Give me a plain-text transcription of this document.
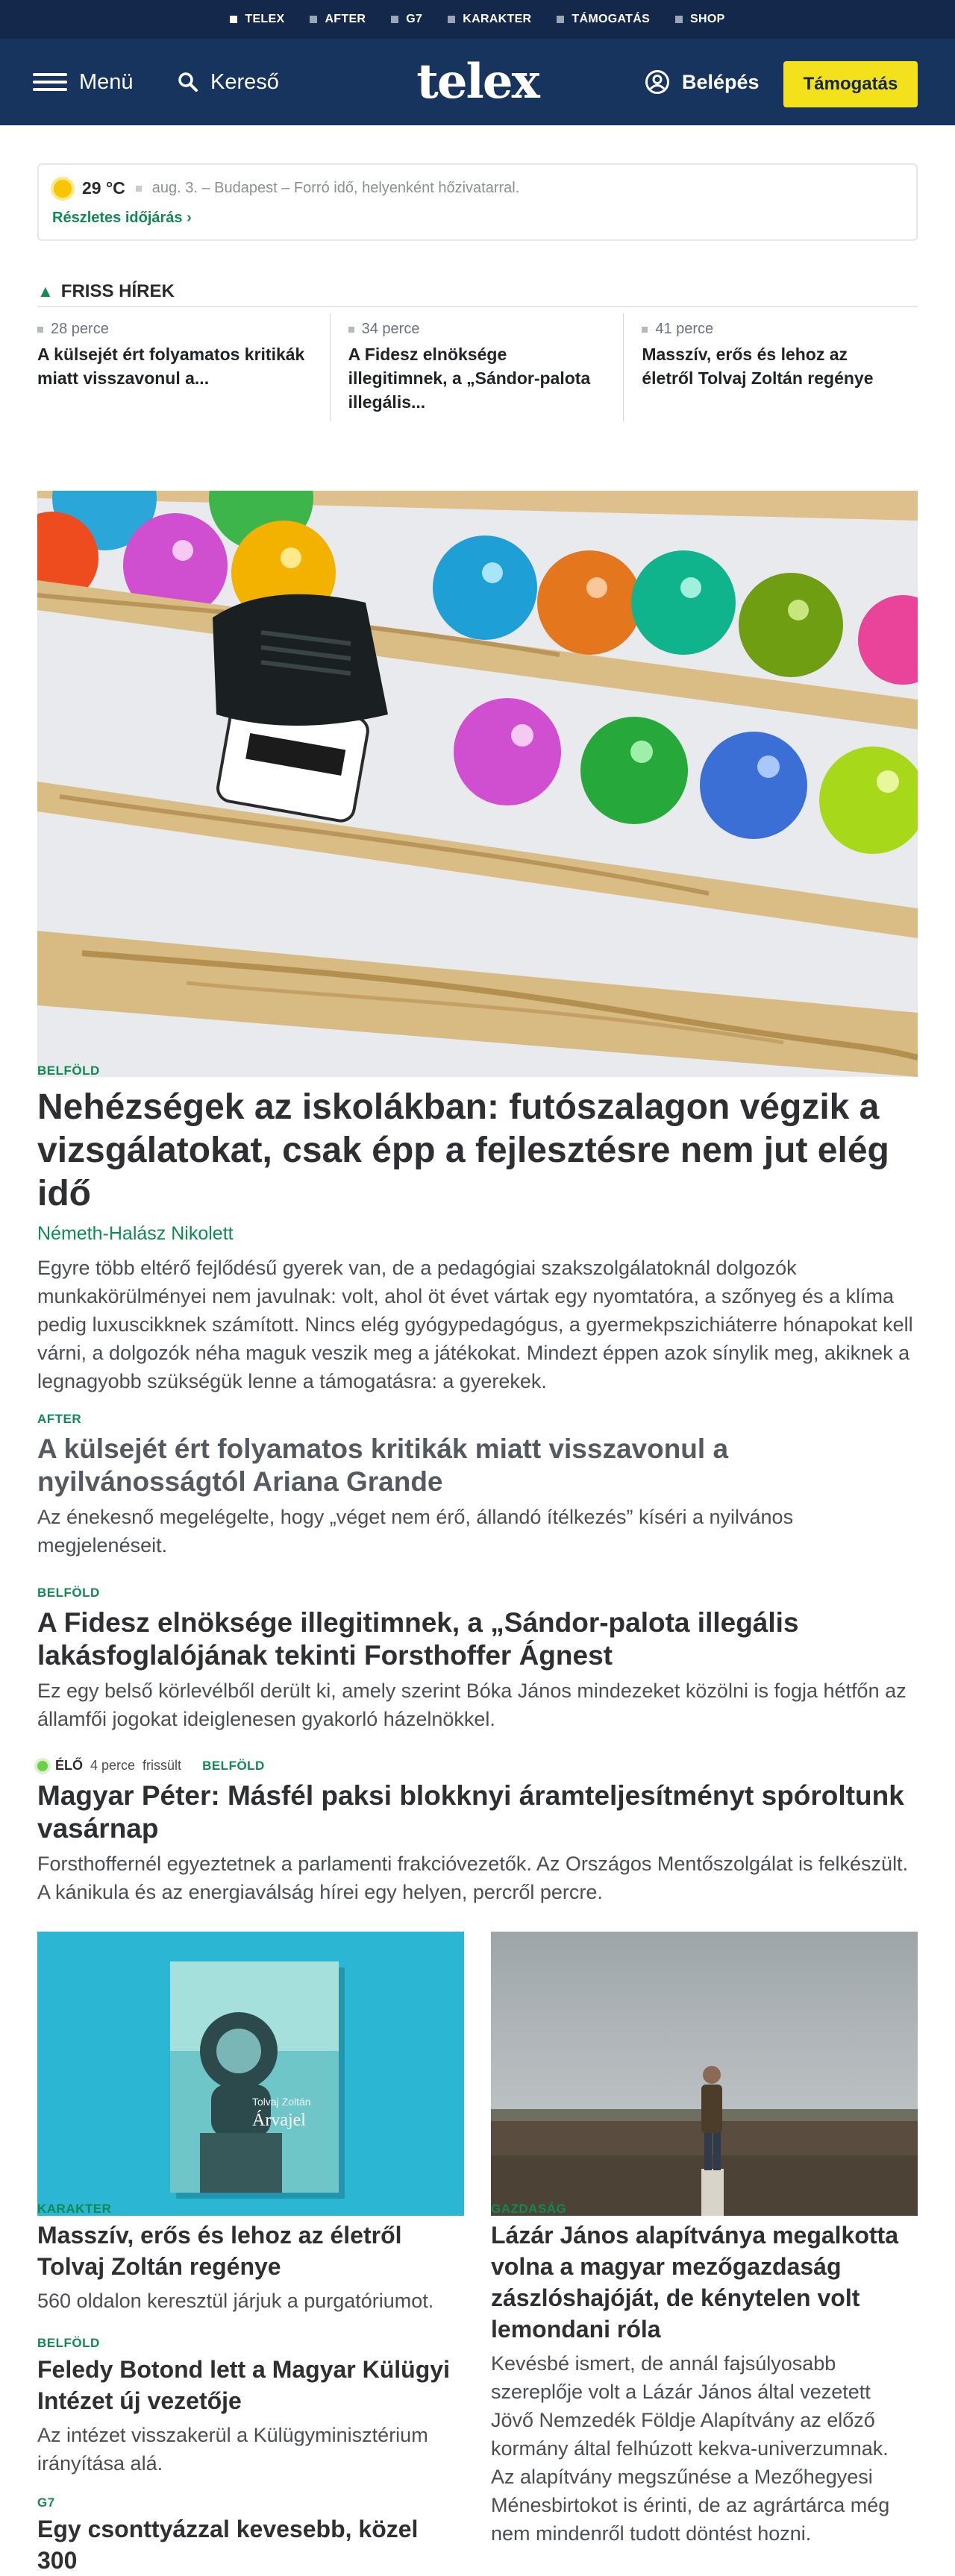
TELEX	AFTER	G7	KARAKTER	TÁMOGATÁS	SHOP
Menü	Kereső	telex	Belépés	Támogatás
29 °C aug. 3. – Budapest – Forró idő, helyenként hőzivatarral.
Részletes időjárás ›
▲ FRISS HÍREK
28 perce
A külsejét ért folyamatos kritikák miatt visszavonul a...
34 perce
A Fidesz elnöksége illegitimnek, a „Sándor-palota illegális...
41 perce
Masszív, erős és lehoz az életről Tolvaj Zoltán regénye
BELFÖLD
Nehézségek az iskolákban: futószalagon végzik a vizsgálatokat, csak épp a fejlesztésre nem jut elég idő
Németh-Halász Nikolett

Egyre több eltérő fejlődésű gyerek van, de a pedagógiai szakszolgálatoknál dolgozók munkakörülményei nem javulnak: volt, ahol öt évet vártak egy nyomtatóra, a szőnyeg és a klíma pedig luxuscikknek számított. Nincs elég gyógypedagógus, a gyermekpszichiáterre hónapokat kell várni, a dolgozók néha maguk veszik meg a játékokat. Mindezt éppen azok sínylik meg, akiknek a legnagyobb szükségük lenne a támogatásra: a gyerekek.

AFTER
A külsejét ért folyamatos kritikák miatt visszavonul a nyilvánosságtól Ariana Grande

Az énekesnő megelégelte, hogy „véget nem érő, állandó ítélkezés” kíséri a nyilvános megjelenéseit.

BELFÖLD
A Fidesz elnöksége illegitimnek, a „Sándor-palota illegális lakásfoglalójának tekinti Forsthoffer Ágnest

Ez egy belső körlevélből derült ki, amely szerint Bóka János mindezeket közölni is fogja hétfőn az államfői jogokat ideiglenesen gyakorló házelnökkel.

ÉLŐ 4 perce  frissült BELFÖLD
Magyar Péter: Másfél paksi blokknyi áramteljesítményt spóroltunk vasárnap

Forsthoffernél egyeztetnek a parlamenti frakcióvezetők. Az Országos Mentőszolgálat is felkészült. A kánikula és az energiaválság hírei egy helyen, percről percre.

Tolvaj Zoltán
Árvajel
KARAKTER
Masszív, erős és lehoz az életről Tolvaj Zoltán regénye

560 oldalon keresztül járjuk a purgatóriumot.

BELFÖLD
Feledy Botond lett a Magyar Külügyi Intézet új vezetője

Az intézet visszakerül a Külügyminisztérium irányítása alá.

G7
Egy csonttyázzal kevesebb, közel 300
GAZDASÁG
Lázár János alapítványa megalkotta volna a magyar mezőgazdaság zászlóshajóját, de kénytelen volt lemondani róla

Kevésbé ismert, de annál fajsúlyosabb szereplője volt a Lázár János által vezetett Jövő Nemzedék Földje Alapítvány az előző kormány által felhúzott kekva-univerzumnak. Az alapítvány megszűnése a Mezőhegyesi Ménesbirtokot is érinti, de az agrártárca még nem mindenről tudott döntést hozni.
